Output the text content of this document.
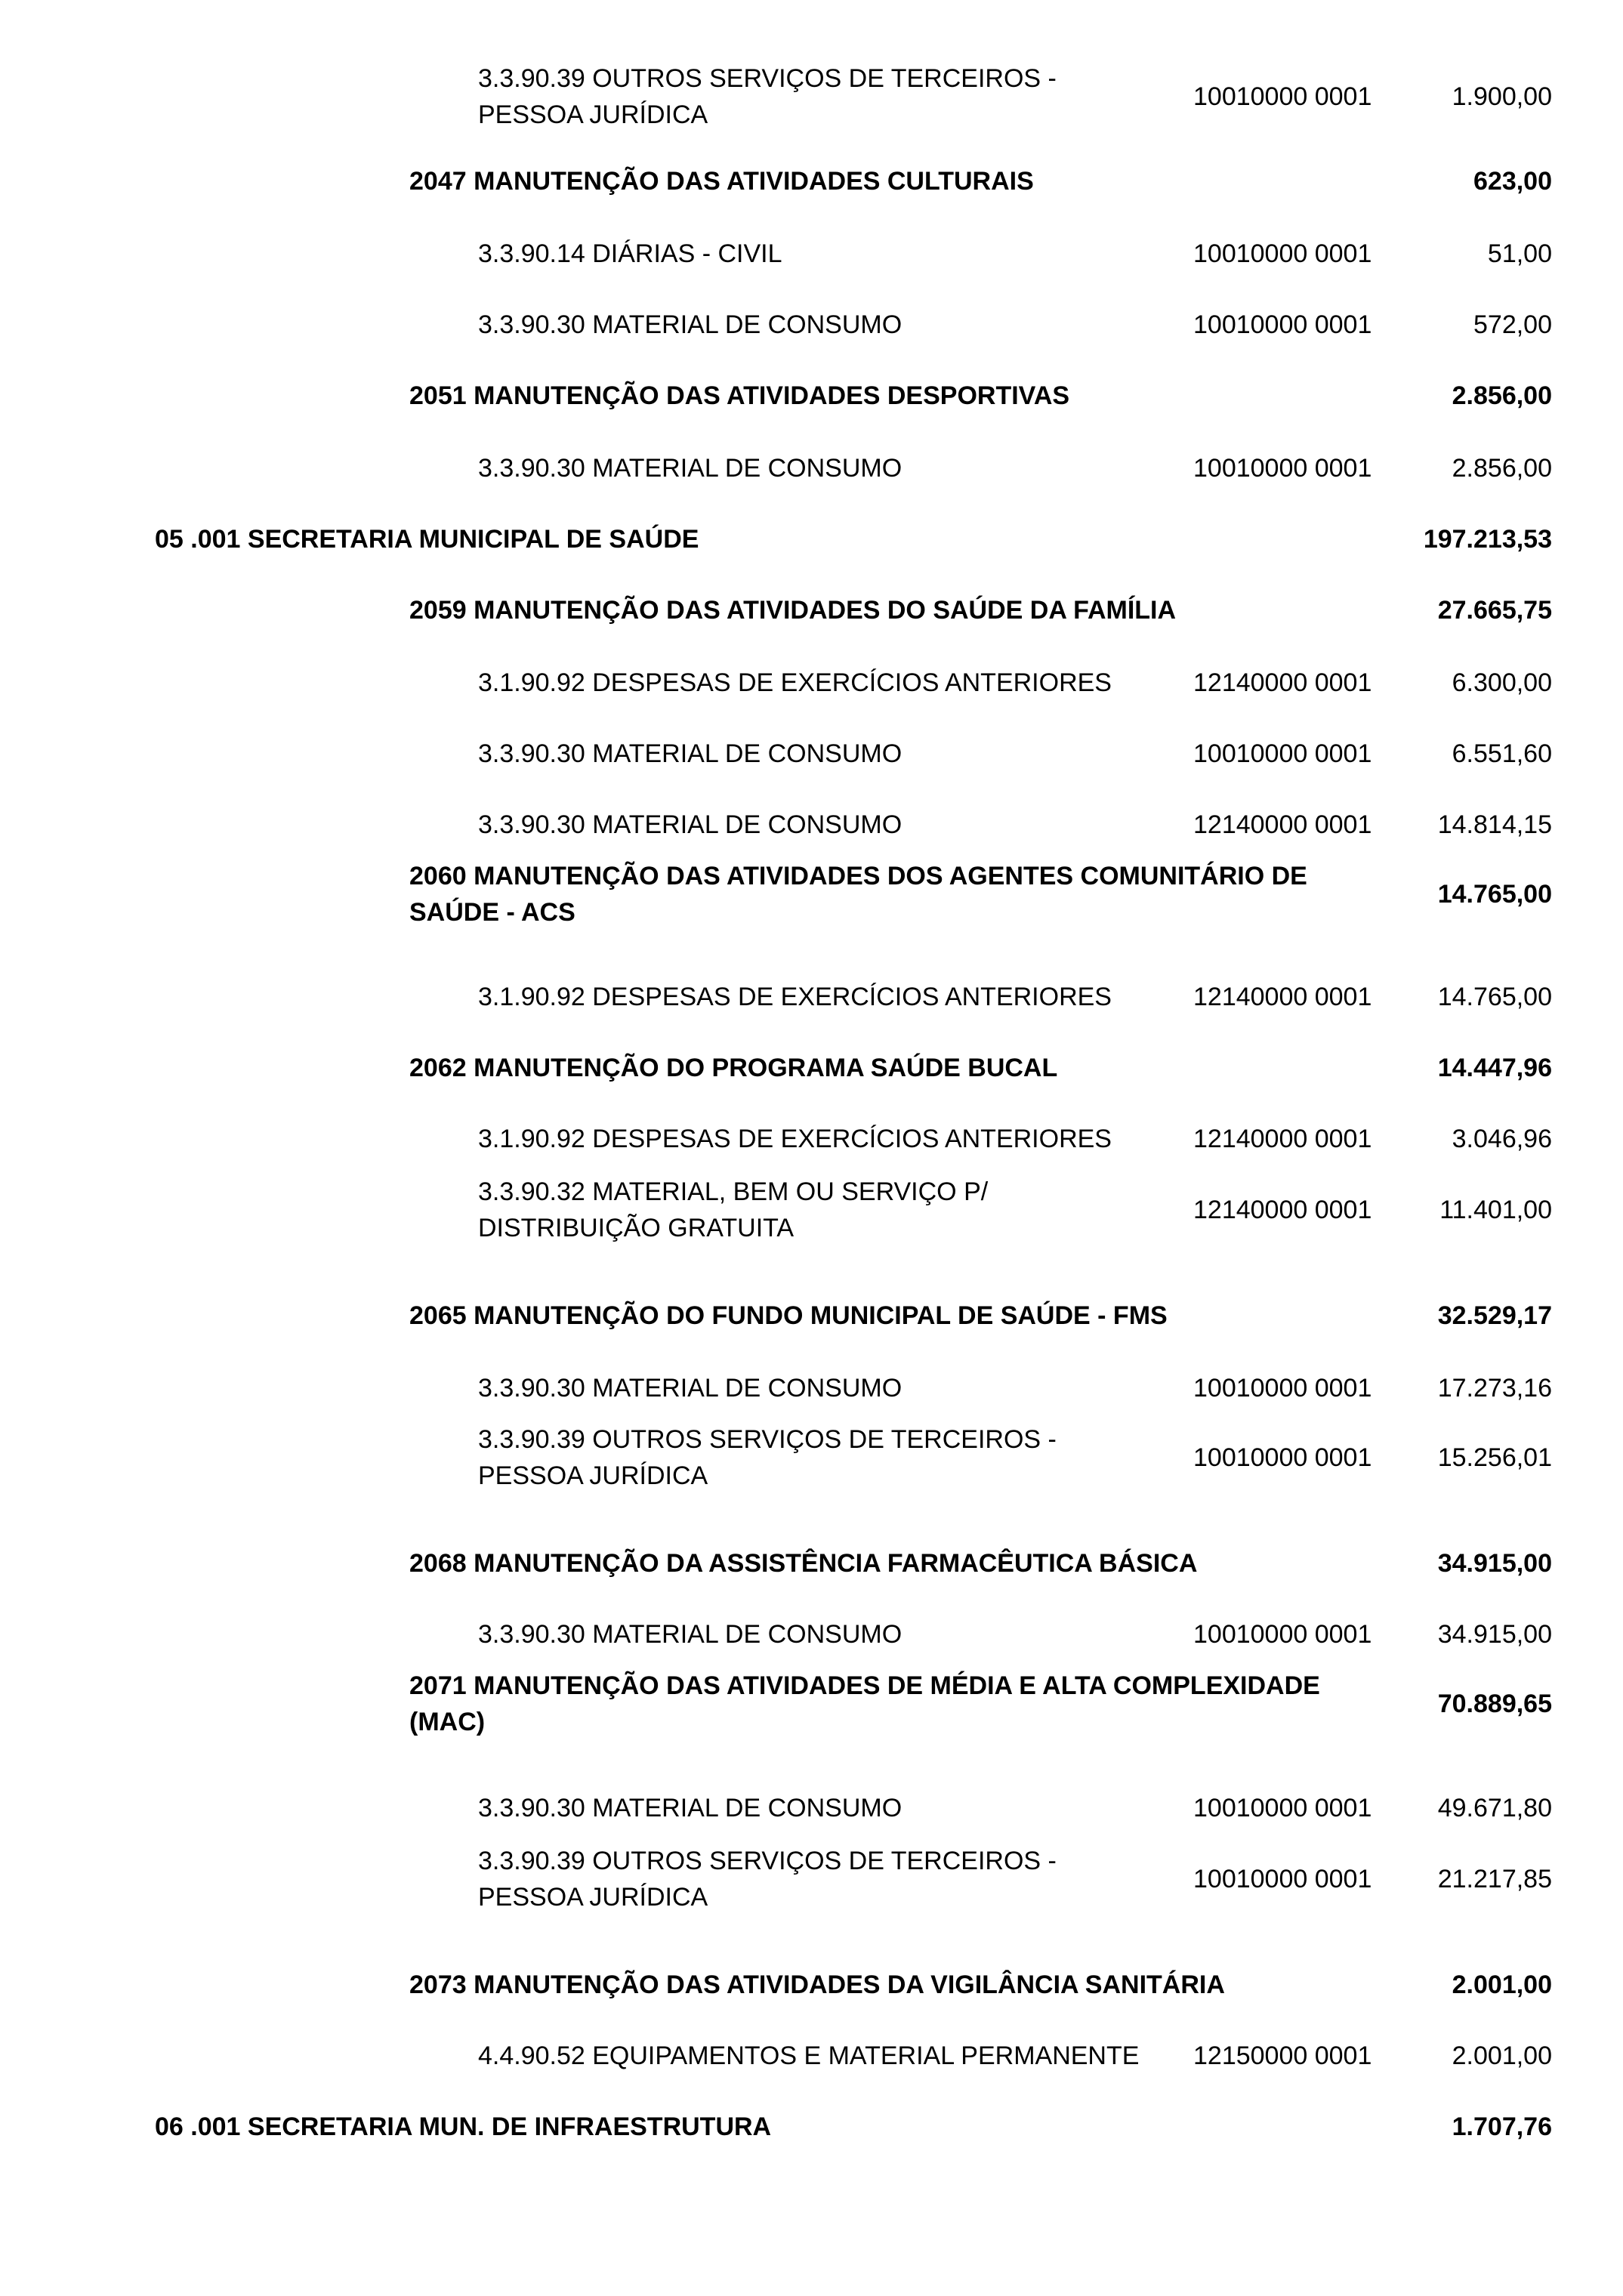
3.3.90.39 OUTROS SERVIÇOS DE TERCEIROS -
PESSOA JURÍDICA
10010000 0001	1.900,00
2047 MANUTENÇÃO DAS ATIVIDADES CULTURAIS	623,00
3.3.90.14 DIÁRIAS - CIVIL	10010000 0001	51,00
3.3.90.30 MATERIAL DE CONSUMO	10010000 0001	572,00
2051 MANUTENÇÃO DAS ATIVIDADES DESPORTIVAS	2.856,00
3.3.90.30 MATERIAL DE CONSUMO	10010000 0001	2.856,00
05 .001 SECRETARIA MUNICIPAL DE SAÚDE	197.213,53
2059 MANUTENÇÃO DAS ATIVIDADES DO SAÚDE DA FAMÍLIA	27.665,75
3.1.90.92 DESPESAS DE EXERCÍCIOS ANTERIORES	12140000 0001	6.300,00
3.3.90.30 MATERIAL DE CONSUMO	10010000 0001	6.551,60
3.3.90.30 MATERIAL DE CONSUMO	12140000 0001	14.814,15
2060 MANUTENÇÃO DAS ATIVIDADES DOS AGENTES COMUNITÁRIO DE
SAÚDE - ACS
14.765,00
3.1.90.92 DESPESAS DE EXERCÍCIOS ANTERIORES	12140000 0001	14.765,00
2062 MANUTENÇÃO DO PROGRAMA SAÚDE BUCAL	14.447,96
3.1.90.92 DESPESAS DE EXERCÍCIOS ANTERIORES	12140000 0001	3.046,96
3.3.90.32 MATERIAL, BEM OU SERVIÇO P/
DISTRIBUIÇÃO GRATUITA
12140000 0001	11.401,00
2065 MANUTENÇÃO DO FUNDO MUNICIPAL DE SAÚDE - FMS	32.529,17
3.3.90.30 MATERIAL DE CONSUMO	10010000 0001	17.273,16
3.3.90.39 OUTROS SERVIÇOS DE TERCEIROS -
PESSOA JURÍDICA
10010000 0001	15.256,01
2068 MANUTENÇÃO DA ASSISTÊNCIA FARMACÊUTICA BÁSICA	34.915,00
3.3.90.30 MATERIAL DE CONSUMO	10010000 0001	34.915,00
2071 MANUTENÇÃO DAS ATIVIDADES DE MÉDIA E ALTA COMPLEXIDADE
(MAC)
70.889,65
3.3.90.30 MATERIAL DE CONSUMO	10010000 0001	49.671,80
3.3.90.39 OUTROS SERVIÇOS DE TERCEIROS -
PESSOA JURÍDICA
10010000 0001	21.217,85
2073 MANUTENÇÃO DAS ATIVIDADES DA VIGILÂNCIA SANITÁRIA	2.001,00
4.4.90.52 EQUIPAMENTOS E MATERIAL PERMANENTE	12150000 0001	2.001,00
06 .001 SECRETARIA MUN. DE INFRAESTRUTURA	1.707,76
